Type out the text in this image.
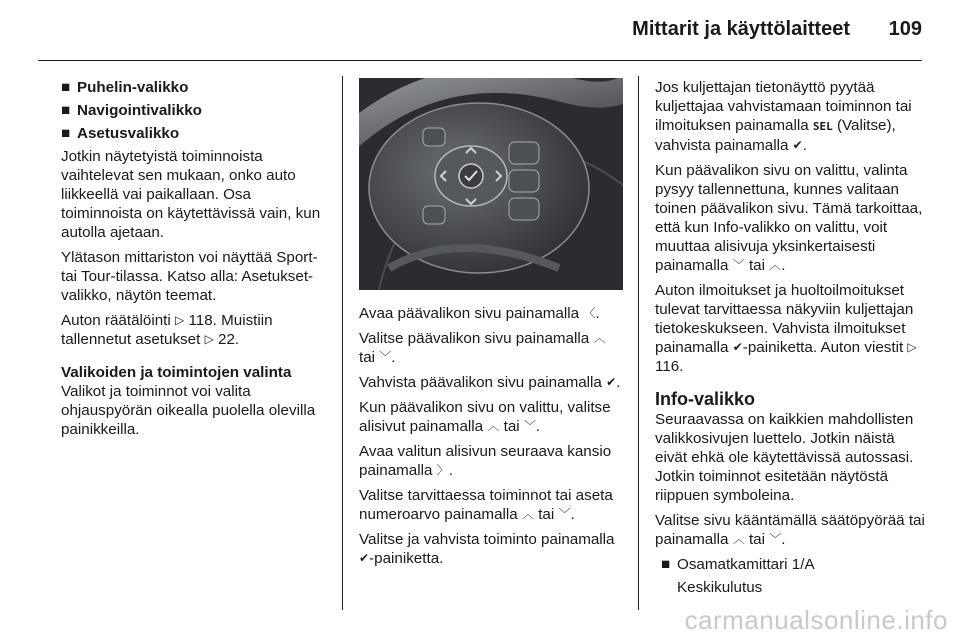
Mittarit ja käyttölaitteet 109
■ Puhelin-valikko
■ Navigointivalikko
■ Asetusvalikko

Jotkin näytetyistä toiminnoista vaihtelevat sen mukaan, onko auto liikkeellä vai paikallaan. Osa toiminnoista on käytettävissä vain, kun autolla ajetaan.

Ylätason mittariston voi näyttää Sport- tai Tour-tilassa. Katso alla: Asetukset-valikko, näytön teemat.

Auton räätälöinti ▷ 118. Muistiin tallennetut asetukset ▷ 22.

Valikoiden ja toimintojen valinta

Valikot ja toiminnot voi valita ohjauspyörän oikealla puolella olevilla painikkeilla.

Avaa päävalikon sivu painamalla 〈.

Valitse päävalikon sivu painamalla ︿ tai ﹀.

Vahvista päävalikon sivu painamalla ✔.

Kun päävalikon sivu on valittu, valitse alisivut painamalla ︿ tai ﹀.

Avaa valitun alisivun seuraava kansio painamalla 〉.

Valitse tarvittaessa toiminnot tai aseta numeroarvo painamalla ︿ tai ﹀.

Valitse ja vahvista toiminto painamalla ✔-painiketta.

Jos kuljettajan tietonäyttö pyytää kuljettajaa vahvistamaan toiminnon tai ilmoituksen painamalla SEL (Valitse), vahvista painamalla ✔.

Kun päävalikon sivu on valittu, valinta pysyy tallennettuna, kunnes valitaan toinen päävalikon sivu. Tämä tarkoittaa, että kun Info-valikko on valittu, voit muuttaa alisivuja yksinkertaisesti painamalla ﹀ tai ︿.

Auton ilmoitukset ja huoltoilmoitukset tulevat tarvittaessa näkyviin kuljettajan tietokeskukseen. Vahvista ilmoitukset painamalla ✔-painiketta. Auton viestit ▷ 116.

Info-valikko

Seuraavassa on kaikkien mahdollisten valikkosivujen luettelo. Jotkin näistä eivät ehkä ole käytettävissä autossasi. Jotkin toiminnot esitetään näytöstä riippuen symboleina.

Valitse sivu kääntämällä säätöpyörää tai painamalla ︿ tai ﹀.

■ Osamatkamittari 1/A
Keskikulutus
carmanualsonline.info
